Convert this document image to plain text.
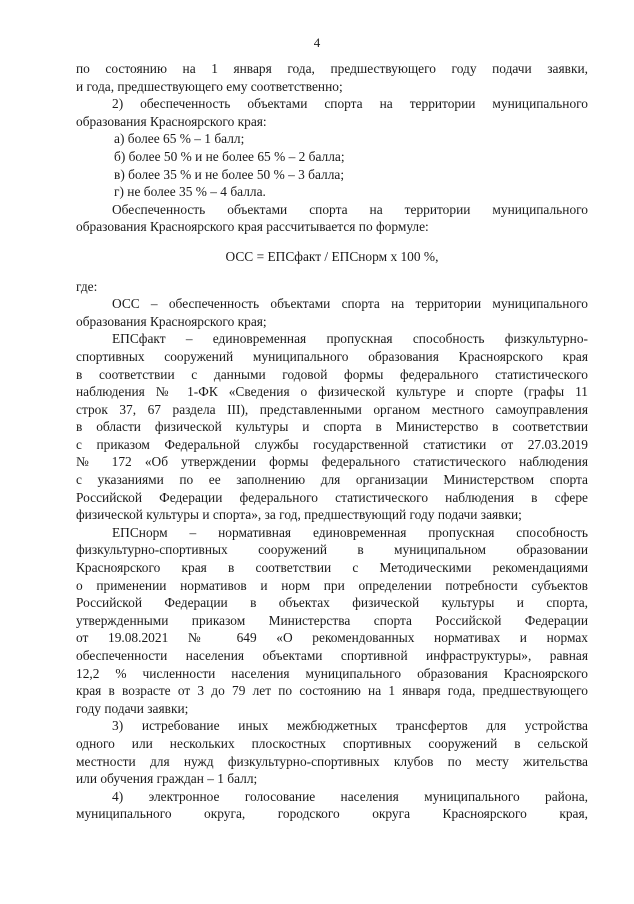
4
по состоянию на 1 января года, предшествующего году подачи заявки,
и года, предшествующего ему соответственно;
2) обеспеченность объектами спорта на территории муниципального
образования Красноярского края:
а) более 65 % – 1 балл;
б) более 50 % и не более 65 % – 2 балла;
в) более 35 % и не более 50 % – 3 балла;
г) не более 35 % – 4 балла.
Обеспеченность объектами спорта на территории муниципального
образования Красноярского края рассчитывается по формуле:
ОСС = ЕПСфакт / ЕПСнорм x 100 %,
где:
ОСС – обеспеченность объектами спорта на территории муниципального
образования Красноярского края;
ЕПСфакт – единовременная пропускная способность физкультурно-
спортивных сооружений муниципального образования Красноярского края
в соответствии с данными годовой формы федерального статистического
наблюдения № 1-ФК «Сведения о физической культуре и спорте (графы 11
строк 37, 67 раздела III), представленными органом местного самоуправления
в области физической культуры и спорта в Министерство в соответствии
с приказом Федеральной службы государственной статистики от 27.03.2019
№ 172 «Об утверждении формы федерального статистического наблюдения
с указаниями по ее заполнению для организации Министерством спорта
Российской Федерации федерального статистического наблюдения в сфере
физической культуры и спорта», за год, предшествующий году подачи заявки;
ЕПСнорм – нормативная единовременная пропускная способность
физкультурно-спортивных сооружений в муниципальном образовании
Красноярского края в соответствии с Методическими рекомендациями
о применении нормативов и норм при определении потребности субъектов
Российской Федерации в объектах физической культуры и спорта,
утвержденными приказом Министерства спорта Российской Федерации
от 19.08.2021 № 649 «О рекомендованных нормативах и нормах
обеспеченности населения объектами спортивной инфраструктуры», равная
12,2 % численности населения муниципального образования Красноярского
края в возрасте от 3 до 79 лет по состоянию на 1 января года, предшествующего
году подачи заявки;
3) истребование иных межбюджетных трансфертов для устройства
одного или нескольких плоскостных спортивных сооружений в сельской
местности для нужд физкультурно-спортивных клубов по месту жительства
или обучения граждан – 1 балл;
4) электронное голосование населения муниципального района,
муниципального округа, городского округа Красноярского края,
